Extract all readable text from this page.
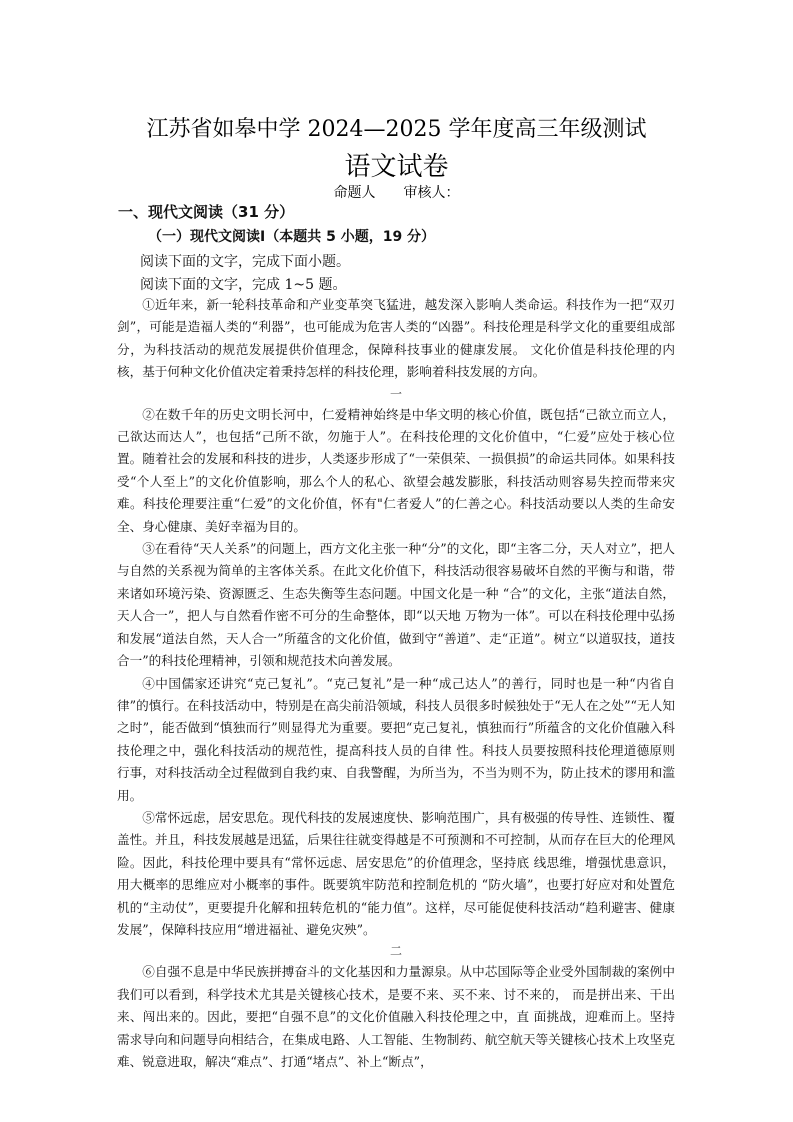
江苏省如皋中学 2024—2025 学年度高三年级测试
语文试卷
命题人 审核人：
一、现代文阅读（31 分）
（一）现代文阅读Ⅰ（本题共 5 小题，19 分）
阅读下面的文字，完成下面小题。
阅读下面的文字，完成 1~5 题。

①近年来，新一轮科技革命和产业变革突飞猛进，越发深入影响人类命运。科技作为一把“双刃剑”，可能是造福人类的“利器”，也可能成为危害人类的“凶器”。科技伦理是科学文化的重要组成部分，为科技活动的规范发展提供价值理念，保障科技事业的健康发展。 文化价值是科技伦理的内核，基于何种文化价值决定着秉持怎样的科技伦理，影响着科技发展的方向。

一

②在数千年的历史文明长河中，仁爱精神始终是中华文明的核心价值，既包括“己欲立而立人，己欲达而达人”，也包括“己所不欲，勿施于人”。在科技伦理的文化价值中，“仁爱”应处于核心位置。随着社会的发展和科技的进步，人类逐步形成了“一荣俱荣、一损俱损”的命运共同体。如果科技受“个人至上”的文化价值影响，那么个人的私心、欲望会越发膨胀，科技活动则容易失控而带来灾难。科技伦理要注重“仁爱”的文化价值，怀有"仁者爱人”的仁善之心。科技活动要以人类的生命安全、身心健康、美好幸福为目的。

③在看待“天人关系”的问题上，西方文化主张一种“分”的文化，即“主客二分，天人对立”，把人与自然的关系视为简单的主客体关系。在此文化价值下，科技活动很容易破坏自然的平衡与和谐，带来诸如环境污染、资源匮乏、生态失衡等生态问题。中国文化是一种 “合”的文化，主张“道法自然，天人合一”，把人与自然看作密不可分的生命整体，即“以天地 万物为一体”。可以在科技伦理中弘扬和发展“道法自然，天人合一”所蕴含的文化价值，做到守“善道”、走“正道”。树立“以道驭技，道技合一”的科技伦理精神，引领和规范技术向善发展。

④中国儒家还讲究“克己复礼”。“克己复礼”是一种“成己达人”的善行，同时也是一种“内省自律”的慎行。在科技活动中，特别是在高尖前沿领域，科技人员很多时候独处于“无人在之处”“无人知之时”，能否做到“慎独而行”则显得尤为重要。要把“克己复礼，慎独而行”所蕴含的文化价值融入科技伦理之中，强化科技活动的规范性，提高科技人员的自律 性。科技人员要按照科技伦理道德原则行事，对科技活动全过程做到自我约束、自我警醒，为所当为，不当为则不为，防止技术的谬用和滥用。

⑤常怀远虑，居安思危。现代科技的发展速度快、影响范围广，具有极强的传导性、连锁性、覆盖性。并且，科技发展越是迅猛，后果往往就变得越是不可预测和不可控制，从而存在巨大的伦理风险。因此，科技伦理中要具有“常怀远虑、居安思危”的价值理念，坚持底 线思维，增强忧患意识，用大概率的思维应对小概率的事件。既要筑牢防范和控制危机的 “防火墙”，也要打好应对和处置危机的“主动仗”，更要提升化解和扭转危机的“能力值”。这样，尽可能促使科技活动“趋利避害、健康发展”，保障科技应用“增进福祉、避免灾殃”。

二

⑥自强不息是中华民族拼搏奋斗的文化基因和力量源泉。从中芯国际等企业受外国制裁的案例中我们可以看到，科学技术尤其是关键核心技术，是要不来、买不来、讨不来的， 而是拼出来、干出来、闯出来的。因此，要把“自强不息”的文化价值融入科技伦理之中，直 面挑战，迎难而上。坚持需求导向和问题导向相结合，在集成电路、人工智能、生物制药、航空航天等关键核心技术上攻坚克难、锐意进取，解决“难点”、打通“堵点”、补上“断点”，
